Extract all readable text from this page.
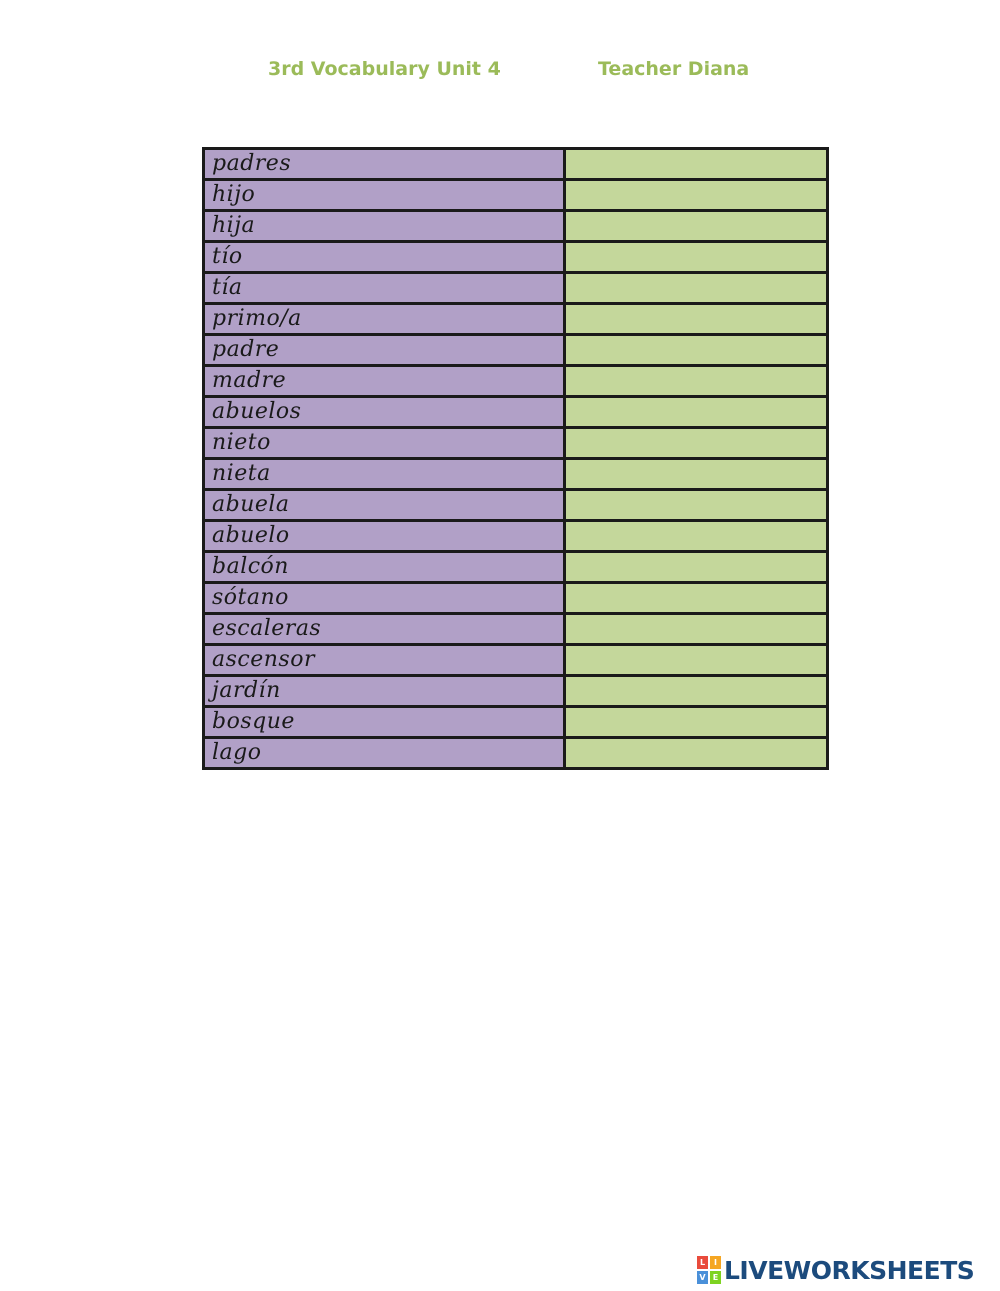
3rd Vocabulary Unit 4	Teacher Diana
padres	
hijo	
hija	
tío	
tía	
primo/a	
padre	
madre	
abuelos	
nieto	
nieta	
abuela	
abuelo	
balcón	
sótano	
escaleras	
ascensor	
jardín	
bosque	
lago	
L	I
V E LIVEWORKSHEETS
